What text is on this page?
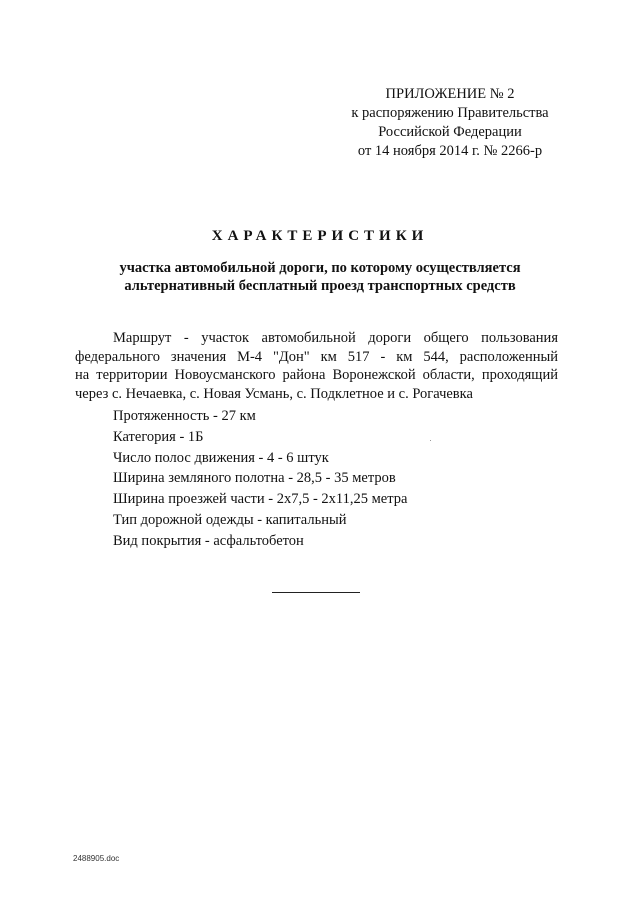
ПРИЛОЖЕНИЕ № 2
к распоряжению Правительства
Российской Федерации
от 14 ноября 2014 г. № 2266-р
ХАРАКТЕРИСТИКИ
участка автомобильной дороги, по которому осуществляется
альтернативный бесплатный проезд транспортных средств
Маршрут - участок автомобильной дороги общего пользования
федерального значения М-4 "Дон" км 517 - км 544, расположенный
на территории Новоусманского района Воронежской области, проходящий
через с. Нечаевка, с. Новая Усмань, с. Подклетное и с. Рогачевка
Протяженность - 27 км
Категория - 1Б
Число полос движения - 4 - 6 штук
Ширина земляного полотна - 28,5 - 35 метров
Ширина проезжей части - 2х7,5 - 2х11,25 метра
Тип дорожной одежды - капитальный
Вид покрытия - асфальтобетон
2488905.doc
